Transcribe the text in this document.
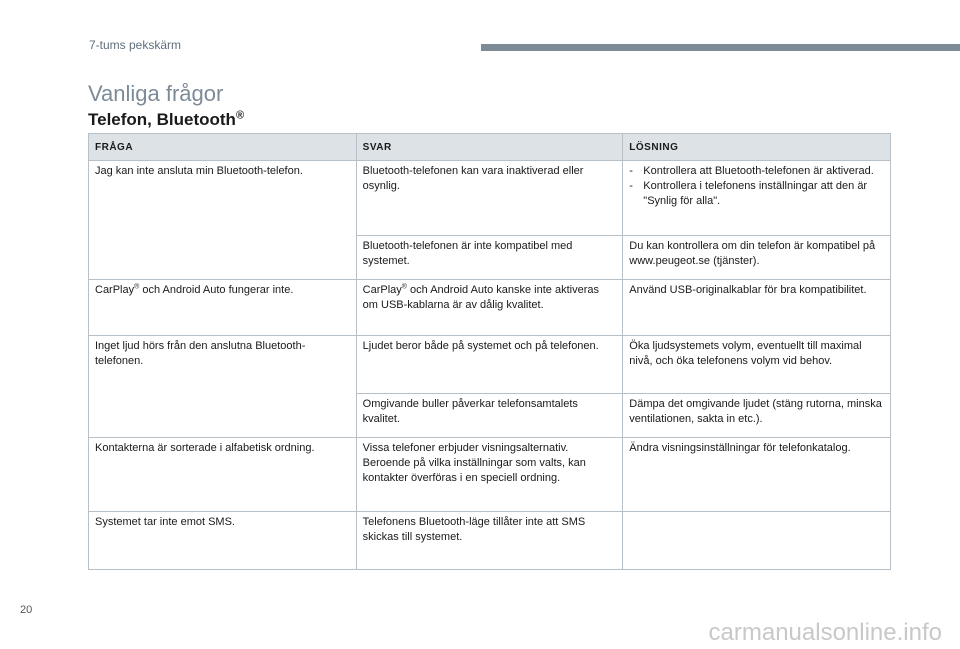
7-tums pekskärm
Vanliga frågor
Telefon, Bluetooth®
FRÅGA	SVAR	LÖSNING
Jag kan inte ansluta min Bluetooth-telefon.	Bluetooth-telefonen kan vara inaktiverad eller osynlig.	- Kontrollera att Bluetooth-telefonen är aktiverad.
- Kontrollera i telefonens inställningar att den är "Synlig för alla".

	Bluetooth-telefonen är inte kompatibel med systemet.	Du kan kontrollera om din telefon är kompatibel på www.peugeot.se (tjänster).
CarPlay® och Android Auto fungerar inte.	CarPlay® och Android Auto kanske inte aktiveras om USB-kablarna är av dålig kvalitet.	Använd USB-originalkablar för bra kompatibilitet.
Inget ljud hörs från den anslutna Bluetooth-telefonen.	Ljudet beror både på systemet och på telefonen.	Öka ljudsystemets volym, eventuellt till maximal nivå, och öka telefonens volym vid behov.
	Omgivande buller påverkar telefonsamtalets kvalitet.	Dämpa det omgivande ljudet (stäng rutorna, minska ventilationen, sakta in etc.).
Kontakterna är sorterade i alfabetisk ordning.	Vissa telefoner erbjuder visningsalternativ. Beroende på vilka inställningar som valts, kan kontakter överföras i en speciell ordning.	Ändra visningsinställningar för telefonkatalog.
Systemet tar inte emot SMS.	Telefonens Bluetooth-läge tillåter inte att SMS skickas till systemet.	
20
carmanualsonline.info
